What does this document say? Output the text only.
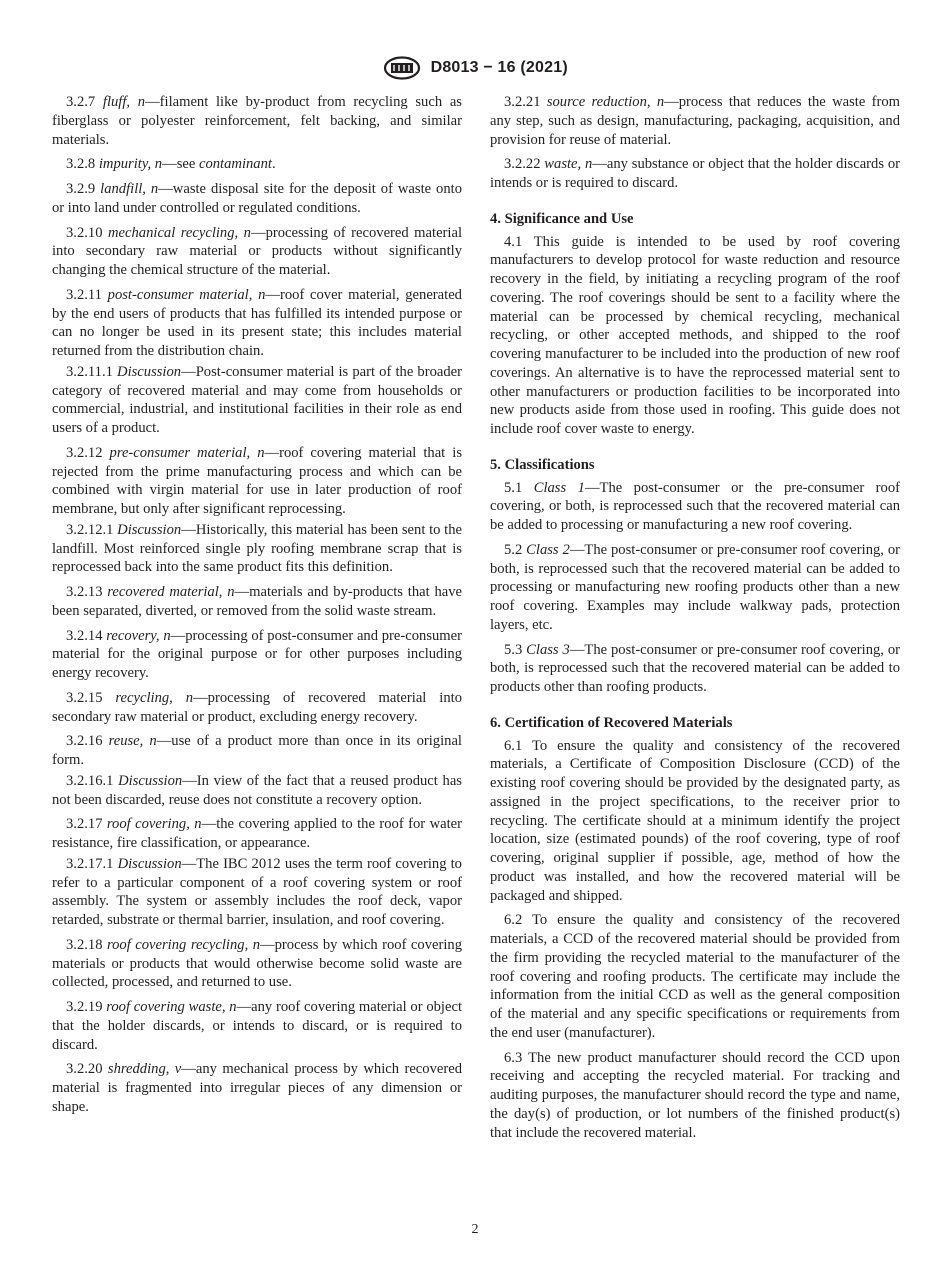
D8013 − 16 (2021)

3.2.7 fluff, n—filament like by-product from recycling such as fiberglass or polyester reinforcement, felt backing, and similar materials.

3.2.8 impurity, n—see contaminant.

3.2.9 landfill, n—waste disposal site for the deposit of waste onto or into land under controlled or regulated conditions.

3.2.10 mechanical recycling, n—processing of recovered material into secondary raw material or products without significantly changing the chemical structure of the material.

3.2.11 post-consumer material, n—roof cover material, generated by the end users of products that has fulfilled its intended purpose or can no longer be used in its present state; this includes material returned from the distribution chain.

3.2.11.1 Discussion—Post-consumer material is part of the broader category of recovered material and may come from households or commercial, industrial, and institutional facilities in their role as end users of a product.

3.2.12 pre-consumer material, n—roof covering material that is rejected from the prime manufacturing process and which can be combined with virgin material for use in later production of roof membrane, but only after significant reprocessing.

3.2.12.1 Discussion—Historically, this material has been sent to the landfill. Most reinforced single ply roofing membrane scrap that is reprocessed back into the same product fits this definition.

3.2.13 recovered material, n—materials and by-products that have been separated, diverted, or removed from the solid waste stream.

3.2.14 recovery, n—processing of post-consumer and pre-consumer material for the original purpose or for other purposes including energy recovery.

3.2.15 recycling, n—processing of recovered material into secondary raw material or product, excluding energy recovery.

3.2.16 reuse, n—use of a product more than once in its original form.

3.2.16.1 Discussion—In view of the fact that a reused product has not been discarded, reuse does not constitute a recovery option.

3.2.17 roof covering, n—the covering applied to the roof for water resistance, fire classification, or appearance.

3.2.17.1 Discussion—The IBC 2012 uses the term roof covering to refer to a particular component of a roof covering system or roof assembly. The system or assembly includes the roof deck, vapor retarded, substrate or thermal barrier, insulation, and roof covering.

3.2.18 roof covering recycling, n—process by which roof covering materials or products that would otherwise become solid waste are collected, processed, and returned to use.

3.2.19 roof covering waste, n—any roof covering material or object that the holder discards, or intends to discard, or is required to discard.

3.2.20 shredding, v—any mechanical process by which recovered material is fragmented into irregular pieces of any dimension or shape.

3.2.21 source reduction, n—process that reduces the waste from any step, such as design, manufacturing, packaging, acquisition, and provision for reuse of material.

3.2.22 waste, n—any substance or object that the holder discards or intends or is required to discard.

4. Significance and Use

4.1 This guide is intended to be used by roof covering manufacturers to develop protocol for waste reduction and resource recovery in the field, by initiating a recycling program of the roof covering. The roof coverings should be sent to a facility where the material can be processed by chemical recycling, mechanical recycling, or other accepted methods, and shipped to the roof covering manufacturer to be included into the production of new roof coverings. An alternative is to have the reprocessed material sent to other manufacturers or production facilities to be incorporated into new products aside from those used in roofing. This guide does not include roof cover waste to energy.

5. Classifications

5.1 Class 1—The post-consumer or the pre-consumer roof covering, or both, is reprocessed such that the recovered material can be added to processing or manufacturing a new roof covering.

5.2 Class 2—The post-consumer or pre-consumer roof covering, or both, is reprocessed such that the recovered material can be added to processing or manufacturing new roofing products other than a new roof covering. Examples may include walkway pads, protection layers, etc.

5.3 Class 3—The post-consumer or pre-consumer roof covering, or both, is reprocessed such that the recovered material can be added to products other than roofing products.

6. Certification of Recovered Materials

6.1 To ensure the quality and consistency of the recovered materials, a Certificate of Composition Disclosure (CCD) of the existing roof covering should be provided by the designated party, as assigned in the project specifications, to the receiver prior to recycling. The certificate should at a minimum identify the project location, size (estimated pounds) of the roof covering, type of roof covering, original supplier if possible, age, method of how the product was installed, and how the recovered material will be packaged and shipped.

6.2 To ensure the quality and consistency of the recovered materials, a CCD of the recovered material should be provided from the firm providing the recycled material to the manufacturer of the roof covering and roofing products. The certificate may include the information from the initial CCD as well as the general composition of the material and any specific specifications or requirements from the end user (manufacturer).

6.3 The new product manufacturer should record the CCD upon receiving and accepting the recycled material. For tracking and auditing purposes, the manufacturer should record the type and name, the day(s) of production, or lot numbers of the finished product(s) that include the recovered material.

2
